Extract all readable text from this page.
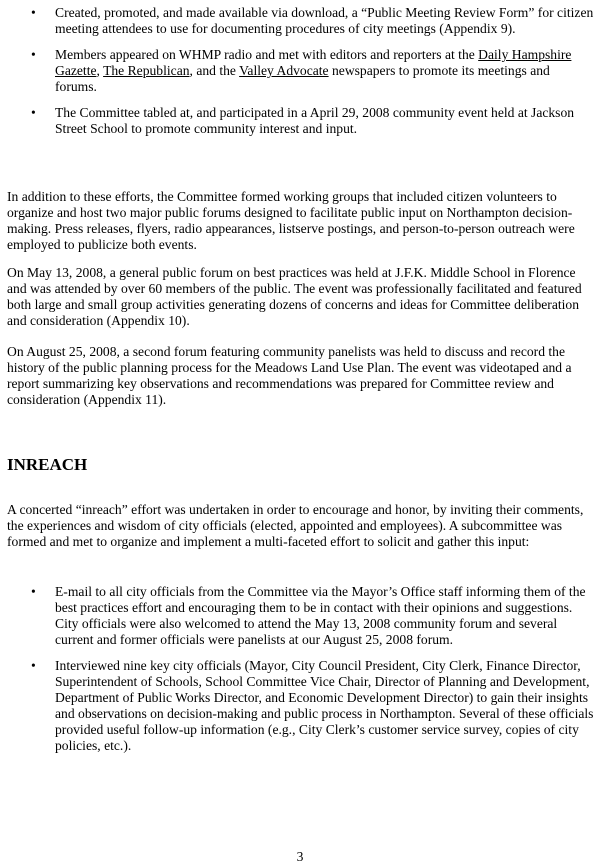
• Created, promoted, and made available via download, a “Public Meeting Review Form” for citizen meeting attendees to use for documenting procedures of city meetings (Appendix 9).
• Members appeared on WHMP radio and met with editors and reporters at the Daily Hampshire Gazette, The Republican, and the Valley Advocate newspapers to promote its meetings and forums.
• The Committee tabled at, and participated in a April 29, 2008 community event held at Jackson Street School to promote community interest and input.

In addition to these efforts, the Committee formed working groups that included citizen volunteers to organize and host two major public forums designed to facilitate public input on Northampton decision-making. Press releases, flyers, radio appearances, listserve postings, and person-to-person outreach were employed to publicize both events.

On May 13, 2008, a general public forum on best practices was held at J.F.K. Middle School in Florence and was attended by over 60 members of the public. The event was professionally facilitated and featured both large and small group activities generating dozens of concerns and ideas for Committee deliberation and consideration (Appendix 10).

On August 25, 2008, a second forum featuring community panelists was held to discuss and record the history of the public planning process for the Meadows Land Use Plan. The event was videotaped and a report summarizing key observations and recommendations was prepared for Committee review and consideration (Appendix 11).

INREACH

A concerted “inreach” effort was undertaken in order to encourage and honor, by inviting their comments, the experiences and wisdom of city officials (elected, appointed and employees). A subcommittee was formed and met to organize and implement a multi-faceted effort to solicit and gather this input:

• E-mail to all city officials from the Committee via the Mayor’s Office staff informing them of the best practices effort and encouraging them to be in contact with their opinions and suggestions. City officials were also welcomed to attend the May 13, 2008 community forum and several current and former officials were panelists at our August 25, 2008 forum.
• Interviewed nine key city officials (Mayor, City Council President, City Clerk, Finance Director, Superintendent of Schools, School Committee Vice Chair, Director of Planning and Development, Department of Public Works Director, and Economic Development Director) to gain their insights and observations on decision-making and public process in Northampton. Several of these officials provided useful follow-up information (e.g., City Clerk’s customer service survey, copies of city policies, etc.).
3
